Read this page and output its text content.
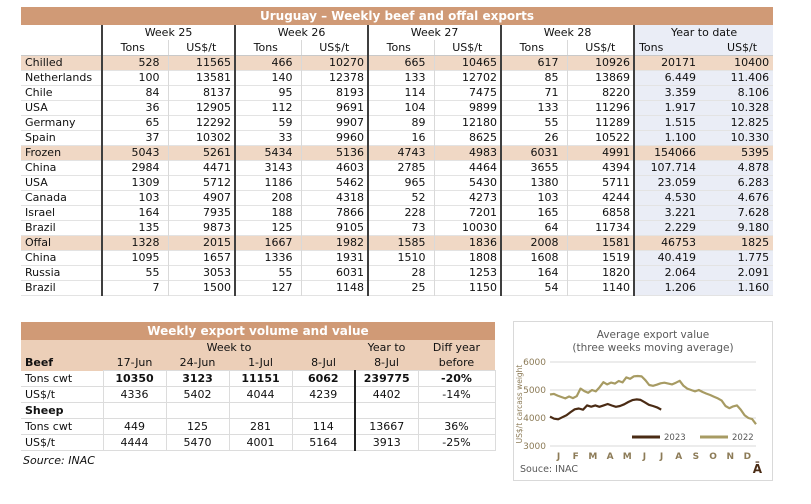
Uruguay – Weekly beef and offal exports
	Week 25		Week 26		Week 27		Week 28		Year to date	
	Tons	US$/t	Tons	US$/t	Tons	US$/t	Tons	US$/t	Tons	US$/t
Chilled	528	11565	466	10270	665	10465	617	10926	20171	10400
Netherlands	100	13581	140	12378	133	12702	85	13869	6.449	11.406
Chile	84	8137	95	8193	114	7475	71	8220	3.359	8.106
USA	36	12905	112	9691	104	9899	133	11296	1.917	10.328
Germany	65	12292	59	9907	89	12180	55	11289	1.515	12.825
Spain	37	10302	33	9960	16	8625	26	10522	1.100	10.330
Frozen	5043	5261	5434	5136	4743	4983	6031	4991	154066	5395
China	2984	4471	3143	4603	2785	4464	3655	4394	107.714	4.878
USA	1309	5712	1186	5462	965	5430	1380	5711	23.059	6.283
Canada	103	4907	208	4318	52	4273	103	4244	4.530	4.676
Israel	164	7935	188	7866	228	7201	165	6858	3.221	7.628
Brazil	135	9873	125	9105	73	10030	64	11734	2.229	9.180
Offal	1328	2015	1667	1982	1585	1836	2008	1581	46753	1825
China	1095	1657	1336	1931	1510	1808	1608	1519	40.419	1.775
Russia	55	3053	55	6031	28	1253	164	1820	2.064	2.091
Brazil	7	1500	127	1148	25	1150	54	1140	1.206	1.160
Weekly export volume and value
	Week to				Year to	Diff year
Beef	17-Jun	24-Jun	1-Jul	8-Jul	8-Jul	before
Tons cwt	10350	3123	11151	6062	239775	-20%
US$/t	4336	5402	4044	4239	4402	-14%
Sheep						
Tons cwt	449	125	281	114	13667	36%
US$/t	4444	5470	4001	5164	3913	-25%
Source: INAC
Average export value
(three weeks moving average)
3000
4000
5000
6000
US$/t carcass weight
J F M A M J J A S O N D
2023	2022
Souce: INAC	Ā
